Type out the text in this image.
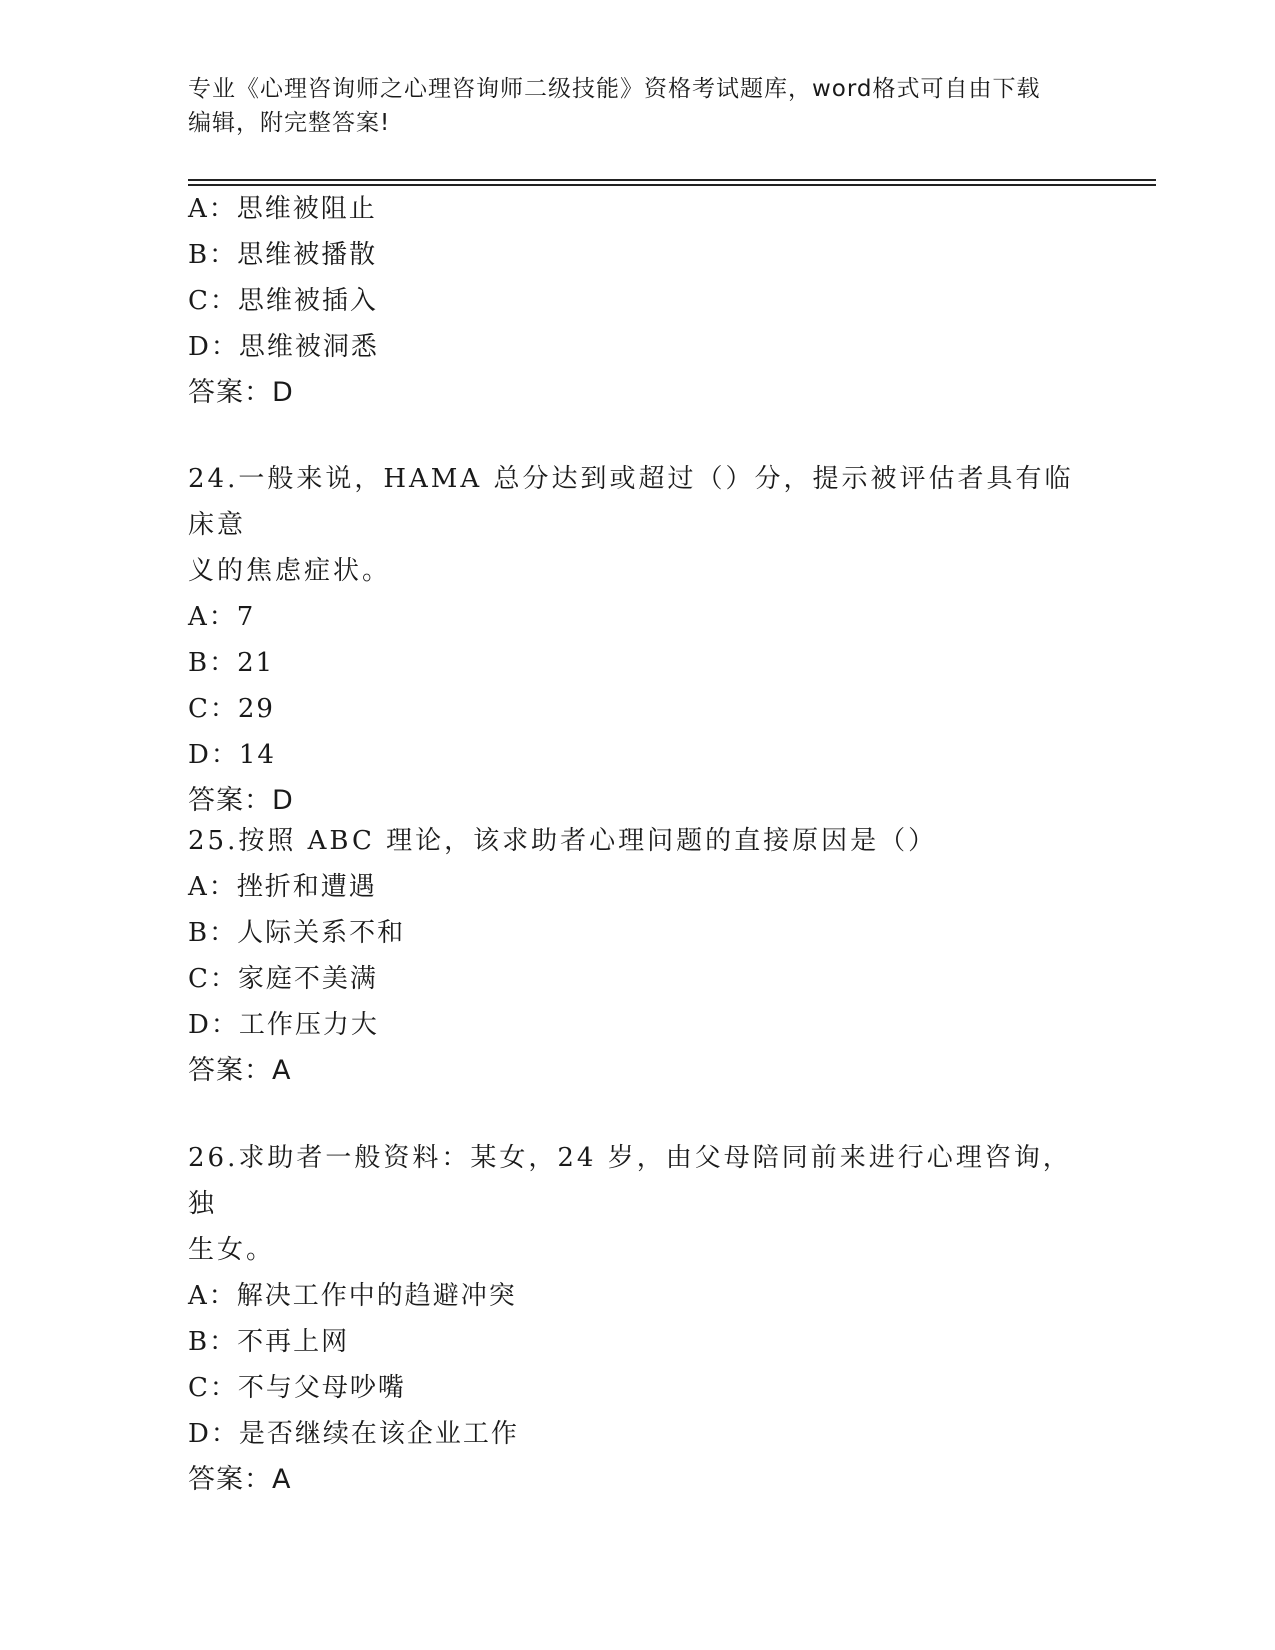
专业《心理咨询师之心理咨询师二级技能》资格考试题库，word格式可自由下载
编辑，附完整答案!
A：思维被阻止
B：思维被播散
C：思维被插入
D：思维被洞悉
答案：D
24.一般来说，HAMA 总分达到或超过（）分，提示被评估者具有临床意
义的焦虑症状。
A：7
B：21
C：29
D：14
答案：D
25.按照 ABC 理论，该求助者心理问题的直接原因是（）
A：挫折和遭遇
B：人际关系不和
C：家庭不美满
D：工作压力大
答案：A
26.求助者一般资料：某女，24 岁，由父母陪同前来进行心理咨询，独
生女。
A：解决工作中的趋避冲突
B：不再上网
C：不与父母吵嘴
D：是否继续在该企业工作
答案：A
